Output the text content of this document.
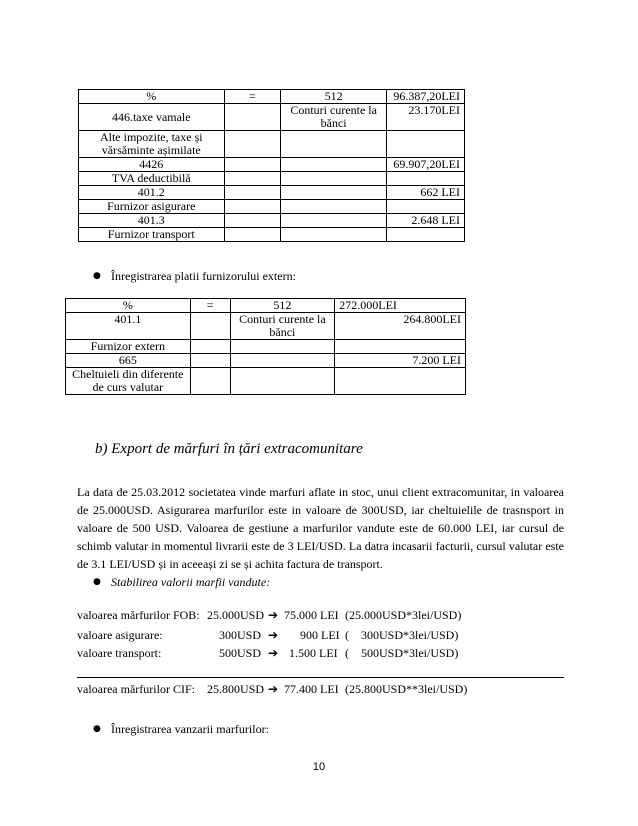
%	=	512	96.387,20LEI
446.taxe vamale		Conturi curente la bănci	23.170LEI
Alte impozite, taxe și vărsăminte așimilate			
4426			69.907,20LEI
TVA deductibilă			
401.2			662 LEI
Furnizor asigurare			
401.3			2.648 LEI
Furnizor transport			
● Înregistrarea platii furnizorului extern:
%	=	512	272.000LEI
401.1		Conturi curente la bănci	264.800LEI
Furnizor extern			
665			7.200 LEI
Cheltuieli din diferente de curs valutar			
b) Export de mărfuri în țări extracomunitare
La data de 25.03.2012 societatea vinde marfuri aflate in stoc, unui client extracomunitar, in valoarea de 25.000USD. Asigurarea marfurilor este in valoare de 300USD, iar cheltuielile de trasnsport in valoare de 500 USD. Valoarea de gestiune a marfurilor vandute este de 60.000 LEI, iar cursul de schimb valutar in momentul livrarii este de 3 LEI/USD. La datra incasarii facturii, cursul valutar este de 3.1 LEI/USD și in aceeași zi se și achita factura de transport.
● Stabilirea valorii marfii vandute:
valoarea mărfurilor FOB: 25.000USD ➔ 75.000 LEI (25.000USD*3lei/USD)
valoare asigurare:	300USD ➔ 900 LEI (    300USD*3lei/USD)
valoare transport:	500USD ➔ 1.500 LEI (    500USD*3lei/USD)
valoarea mărfurilor CIF: 25.800USD ➔ 77.400 LEI (25.800USD**3lei/USD)
● Înregistrarea vanzarii marfurilor:
10
